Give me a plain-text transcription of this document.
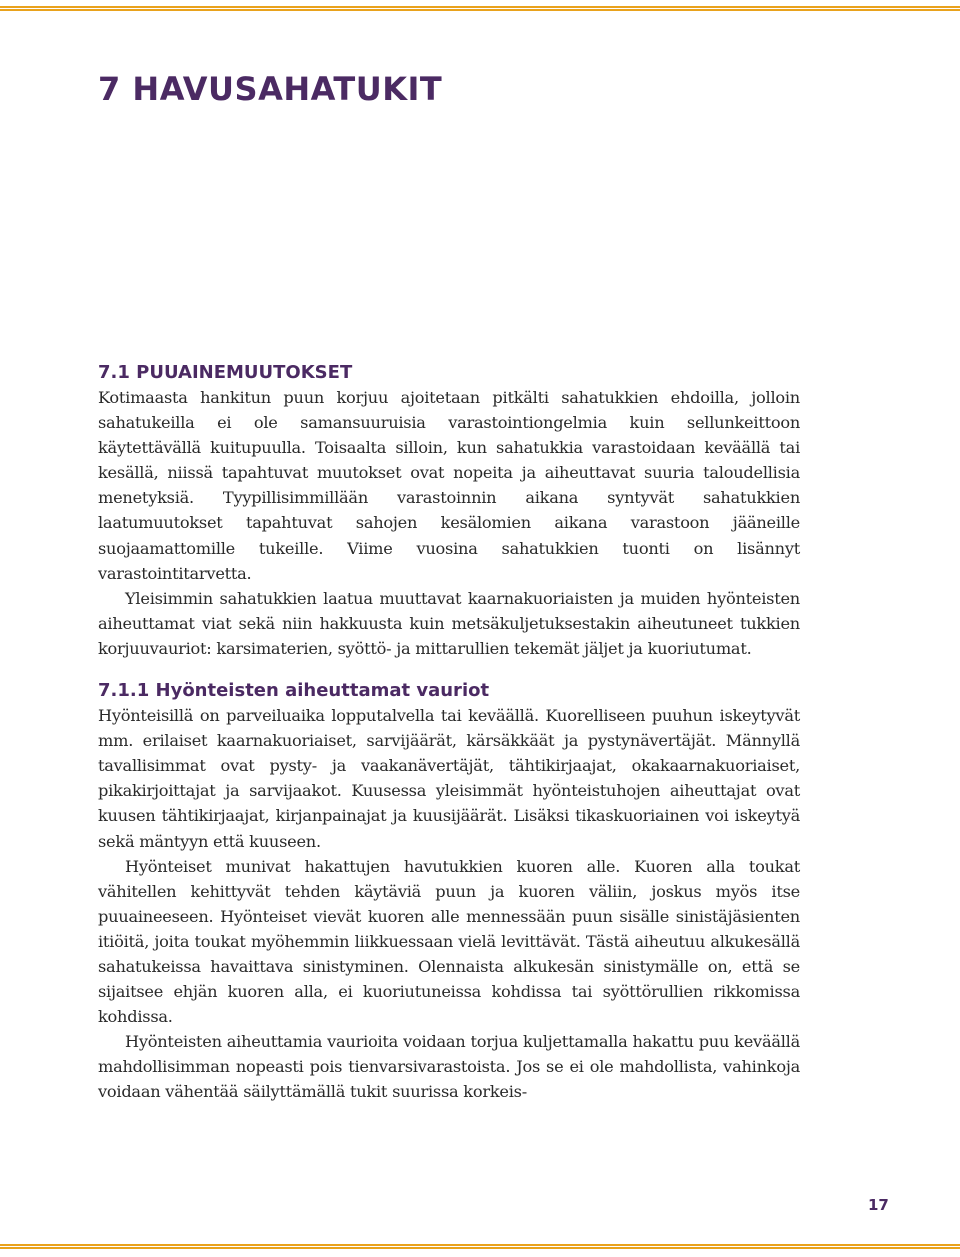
7 HAVUSAHATUKIT
7.1 PUUAINEMUUTOKSET

Kotimaasta hankitun puun korjuu ajoitetaan pitkälti sahatukkien ehdoilla, jolloin sahatukeilla ei ole samansuuruisia varastointiongelmia kuin sellunkeittoon käytettävällä kuitupuulla. Toisaalta silloin, kun sahatukkia varastoidaan keväällä tai kesällä, niissä tapahtuvat muutokset ovat nopeita ja aiheuttavat suuria taloudellisia menetyksiä. Tyypillisimmillään varastoinnin aikana syntyvät sahatukkien laatumuutokset tapahtuvat sahojen kesälomien aikana varastoon jääneille suojaamattomille tukeille. Viime vuosina sahatukkien tuonti on lisännyt varastointitarvetta.

Yleisimmin sahatukkien laatua muuttavat kaarnakuoriaisten ja muiden hyönteisten aiheuttamat viat sekä niin hakkuusta kuin metsäkuljetuksestakin aiheutuneet tukkien korjuuvauriot: karsimaterien, syöttö- ja mittarullien tekemät jäljet ja kuoriutumat.

7.1.1 Hyönteisten aiheuttamat vauriot

Hyönteisillä on parveiluaika lopputalvella tai keväällä. Kuorelliseen puuhun iskeytyvät mm. erilaiset kaarnakuoriaiset, sarvijäärät, kärsäkkäät ja pystynävertäjät. Männyllä tavallisimmat ovat pysty- ja vaakanävertäjät, tähtikirjaajat, okakaarnakuoriaiset, pikakirjoittajat ja sarvijaakot. Kuusessa yleisimmät hyönteistuhojen aiheuttajat ovat kuusen tähtikirjaajat, kirjanpainajat ja kuusijäärät. Lisäksi tikaskuoriainen voi iskeytyä sekä mäntyyn että kuuseen.

Hyönteiset munivat hakattujen havutukkien kuoren alle. Kuoren alla toukat vähitellen kehittyvät tehden käytäviä puun ja kuoren väliin, joskus myös itse puuaineeseen. Hyönteiset vievät kuoren alle mennessään puun sisälle sinistäjäsienten itiöitä, joita toukat myöhemmin liikkuessaan vielä levittävät. Tästä aiheutuu alkukesällä sahatukeissa havaittava sinistyminen. Olennaista alkukesän sinistymälle on, että se sijaitsee ehjän kuoren alla, ei kuoriutuneissa kohdissa tai syöttörullien rikkomissa kohdissa.

Hyönteisten aiheuttamia vaurioita voidaan torjua kuljettamalla hakattu puu keväällä mahdollisimman nopeasti pois tienvarsivarastoista. Jos se ei ole mahdollista, vahinkoja voidaan vähentää säilyttämällä tukit suurissa korkeis-

17
